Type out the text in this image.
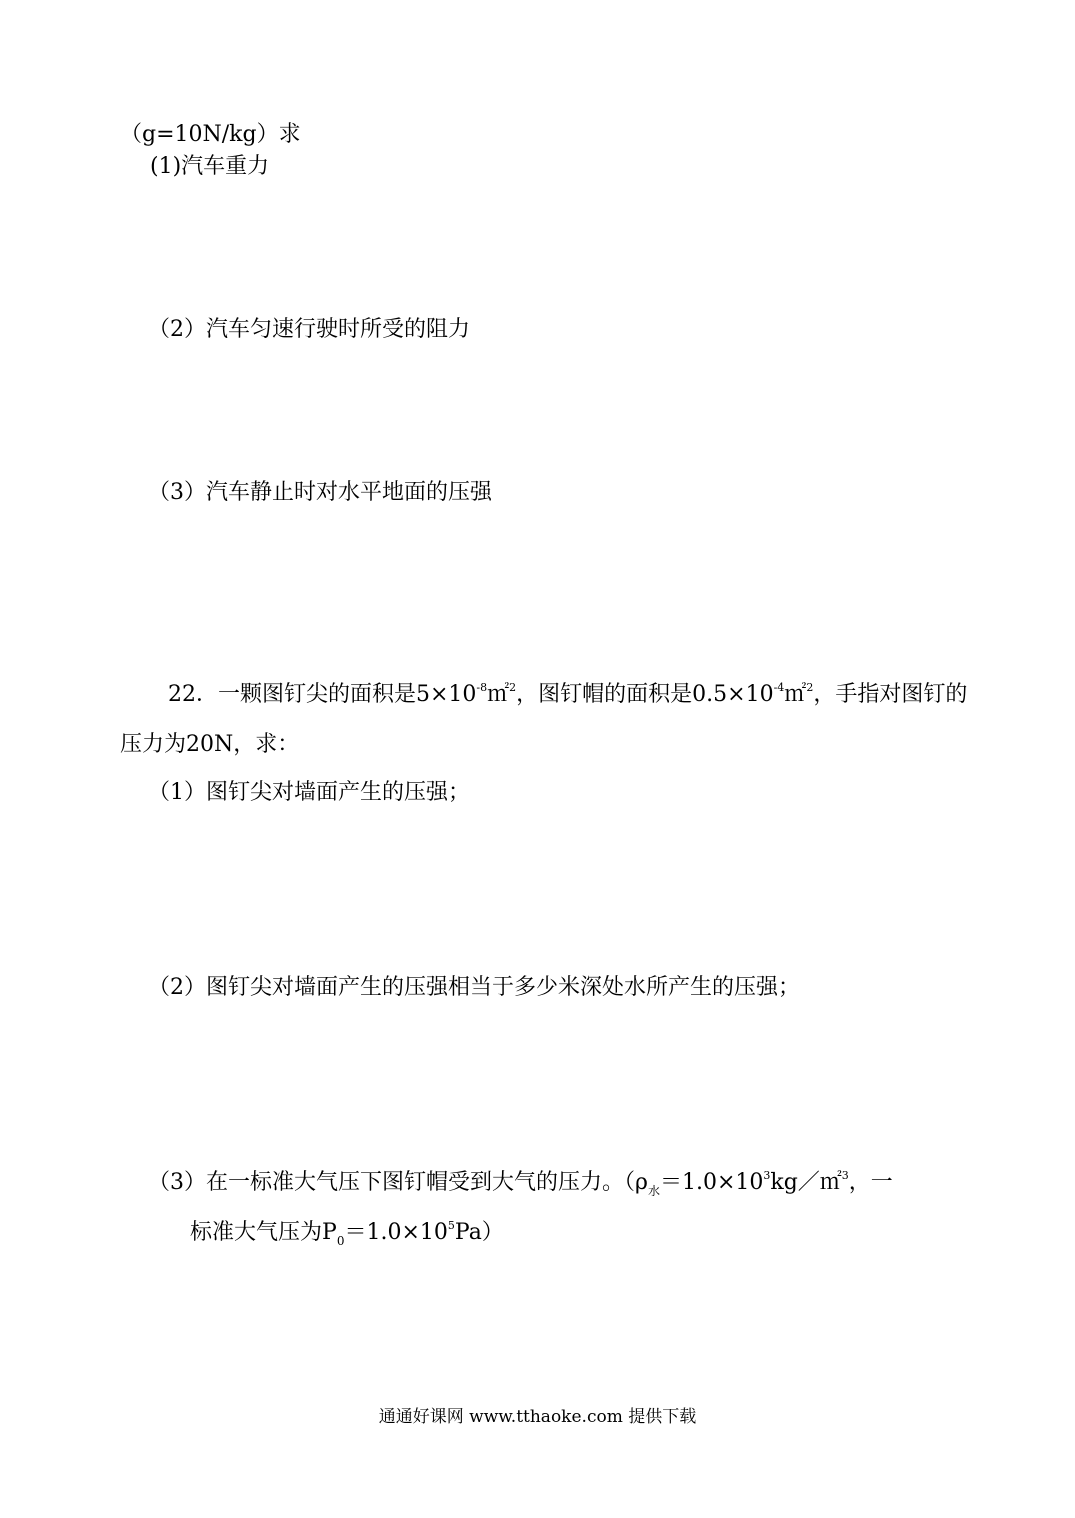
（g=10N/kg）求
(1)汽车重力
（2）汽车匀速行驶时所受的阻力
（3）汽车静止时对水平地面的压强
22．一颗图钉尖的面积是$5\times 10^{-8}㎡^2$，图钉帽的面积是$0.5\times 10^{-4}㎡^2$，手指对图钉的
压力为20N，求：
（1）图钉尖对墙面产生的压强；
（2）图钉尖对墙面产生的压强相当于多少米深处水所产生的压强；
（3）在一标准大气压下图钉帽受到大气的压力。（$\rho_水=1.0\times 10^3kg/㎡^3$，一
标准大气压为$P_0=1.0\times 10^5Pa$）
通通好课网 www.tthaoke.com 提供下载
